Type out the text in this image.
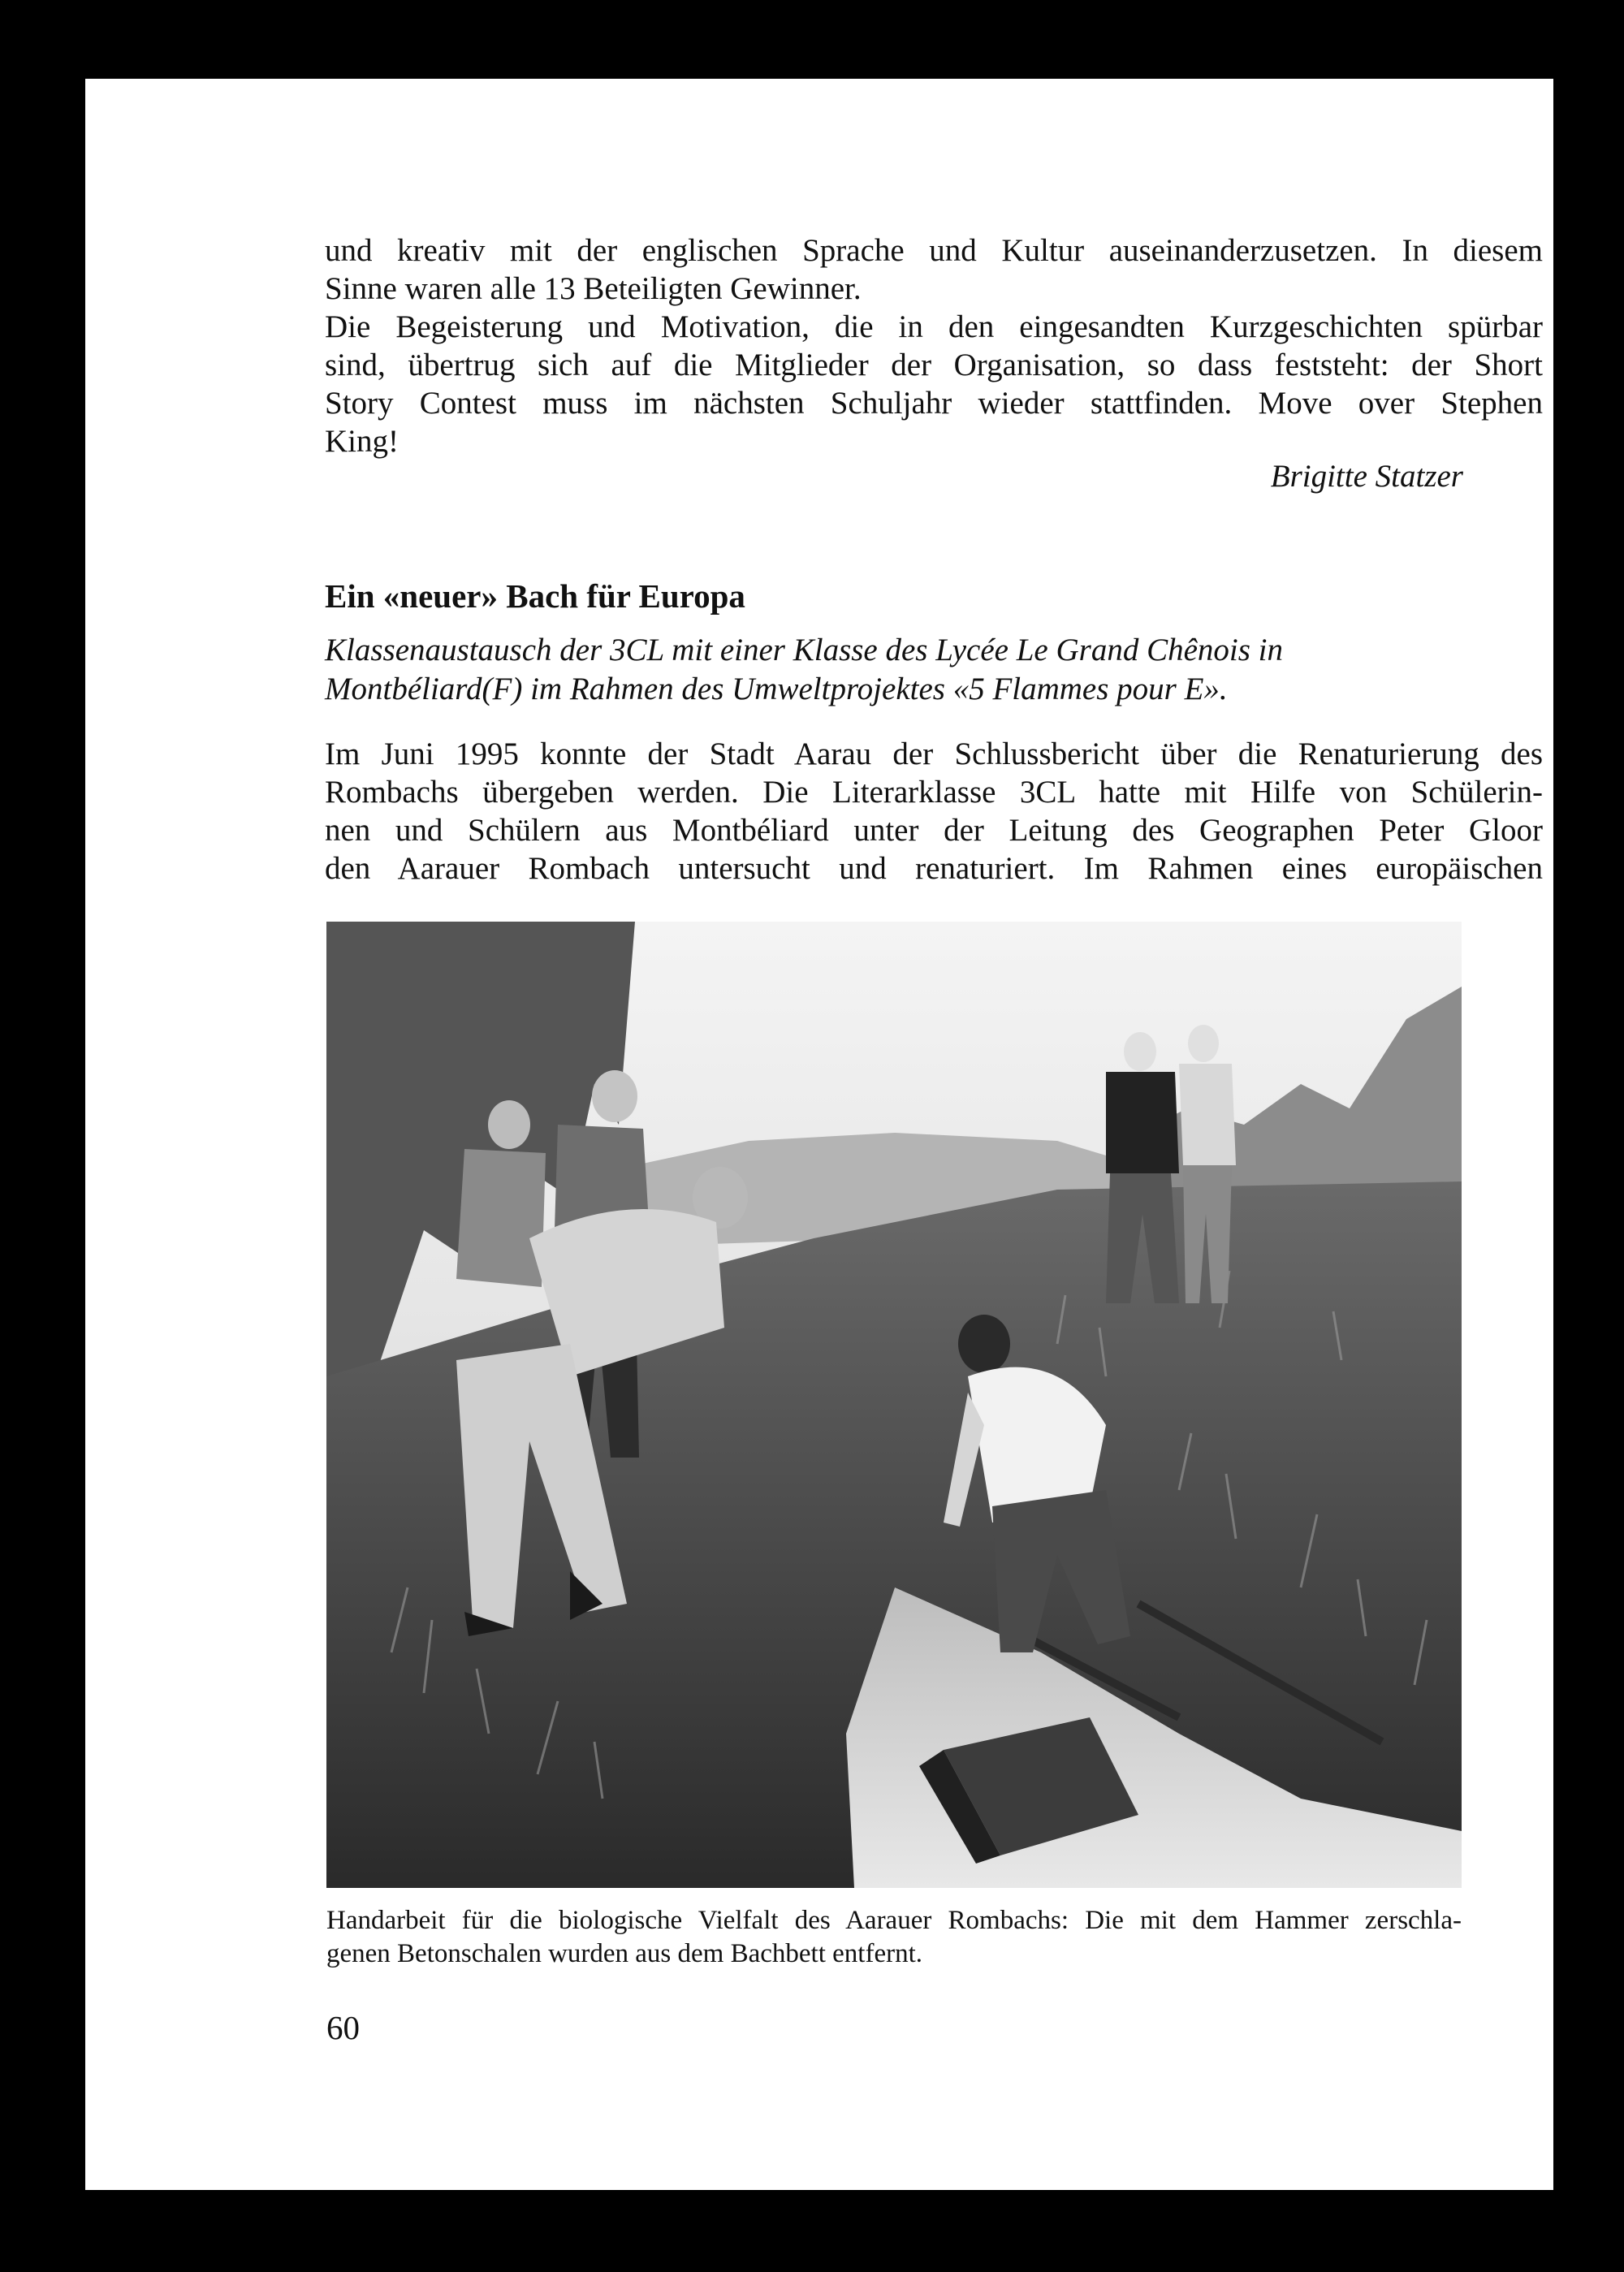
und kreativ mit der englischen Sprache und Kultur auseinanderzusetzen. In diesem
Sinne waren alle 13 Beteiligten Gewinner.
Die Begeisterung und Motivation, die in den eingesandten Kurzgeschichten spürbar
sind, übertrug sich auf die Mitglieder der Organisation, so dass feststeht: der Short
Story Contest muss im nächsten Schuljahr wieder stattfinden. Move over Stephen
King!
Brigitte Statzer
Ein «neuer» Bach für Europa
Klassenaustausch der 3CL mit einer Klasse des Lycée Le Grand Chênois in
Montbéliard(F) im Rahmen des Umweltprojektes «5 Flammes pour E».
Im Juni 1995 konnte der Stadt Aarau der Schlussbericht über die Renaturierung des
Rombachs übergeben werden. Die Literarklasse 3CL hatte mit Hilfe von Schülerin-
nen und Schülern aus Montbéliard unter der Leitung des Geographen Peter Gloor
den Aarauer Rombach untersucht und renaturiert. Im Rahmen eines europäischen
Handarbeit für die biologische Vielfalt des Aarauer Rombachs: Die mit dem Hammer zerschla-
genen Betonschalen wurden aus dem Bachbett entfernt.
60
